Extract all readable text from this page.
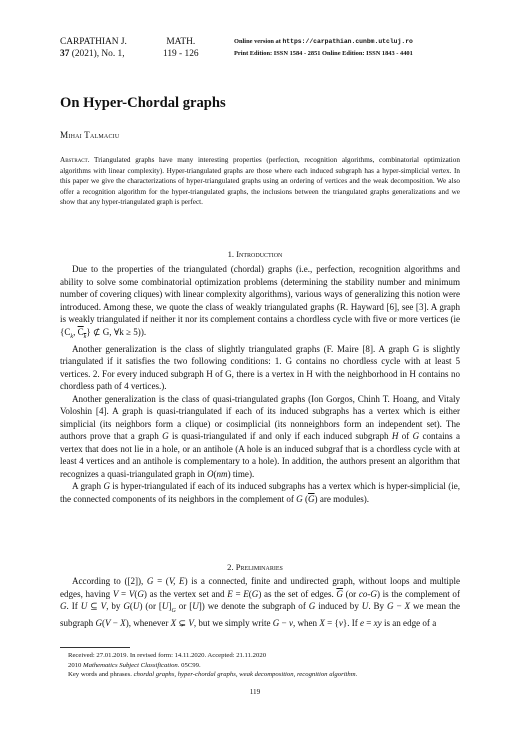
CARPATHIAN J.
37 (2021), No. 1,
MATH.
119 - 126
Online version at https://carpathian.cunbm.utcluj.ro
Print Edition: ISSN 1584 - 2851 Online Edition: ISSN 1843 - 4401
On Hyper-Chordal graphs
Mihai Talmaciu
Abstract. Triangulated graphs have many interesting properties (perfection, recognition algorithms, combinatorial optimization algorithms with linear complexity). Hyper-triangulated graphs are those where each induced subgraph has a hyper-simplicial vertex. In this paper we give the characterizations of hyper-triangulated graphs using an ordering of vertices and the weak decomposition. We also offer a recognition algorithm for the hyper-triangulated graphs, the inclusions between the triangulated graphs generalizations and we show that any hyper-triangulated graph is perfect.
1. Introduction

Due to the properties of the triangulated (chordal) graphs (i.e., perfection, recognition algorithms and ability to solve some combinatorial optimization problems (determining the stability number and minimum number of covering cliques) with linear complexity algorithms), various ways of generalizing this notion were introduced. Among these, we quote the class of weakly triangulated graphs (R. Hayward [6], see [3]. A graph is weakly triangulated if neither it nor its complement contains a chordless cycle with five or more vertices (ie {$C_k$, $C_k$} ⊄ G, ∀k ≥ 5)).

Another generalization is the class of slightly triangulated graphs (F. Maire [8]. A graph G is slightly triangulated if it satisfies the two following conditions: 1. G contains no chordless cycle with at least 5 vertices. 2. For every induced subgraph H of G, there is a vertex in H with the neighborhood in H contains no chordless path of 4 vertices.).

Another generalization is the class of quasi-triangulated graphs (Ion Gorgos, Chinh T. Hoang, and Vitaly Voloshin [4]. A graph is quasi-triangulated if each of its induced subgraphs has a vertex which is either simplicial (its neighbors form a clique) or cosimplicial (its nonneighbors form an independent set). The authors prove that a graph G is quasi-triangulated if and only if each induced subgraph H of G contains a vertex that does not lie in a hole, or an antihole (A hole is an induced subgraf that is a chordless cycle with at least 4 vertices and an antihole is complementary to a hole). In addition, the authors present an algorithm that recognizes a quasi-triangulated graph in O(nm) time).

A graph G is hyper-triangulated if each of its induced subgraphs has a vertex which is hyper-simplicial (ie, the connected components of its neighbors in the complement of G $(\overline{G})$ are modules).

2. Preliminaries

According to ([2]), G = (V, E) is a connected, finite and undirected graph, without loops and multiple edges, having V = V(G) as the vertex set and E = E(G) as the set of edges. $\overline{G}$ (or co-G) is the complement of G. If U ⊆ V, by G(U) (or $[U]_G$ or [U]) we denote the subgraph of G induced by U. By G − X we mean the subgraph G(V − X), whenever X ⊊ V, but we simply write G − v, when X = {v}. If e = xy is an edge of a

Received: 27.01.2019. In revised form: 14.11.2020. Accepted: 21.11.2020
2010 Mathematics Subject Classification. 05C99.
Key words and phrases. chordal graphs, hyper-chordal graphs, weak decomposition, recognition algorithm.
119
